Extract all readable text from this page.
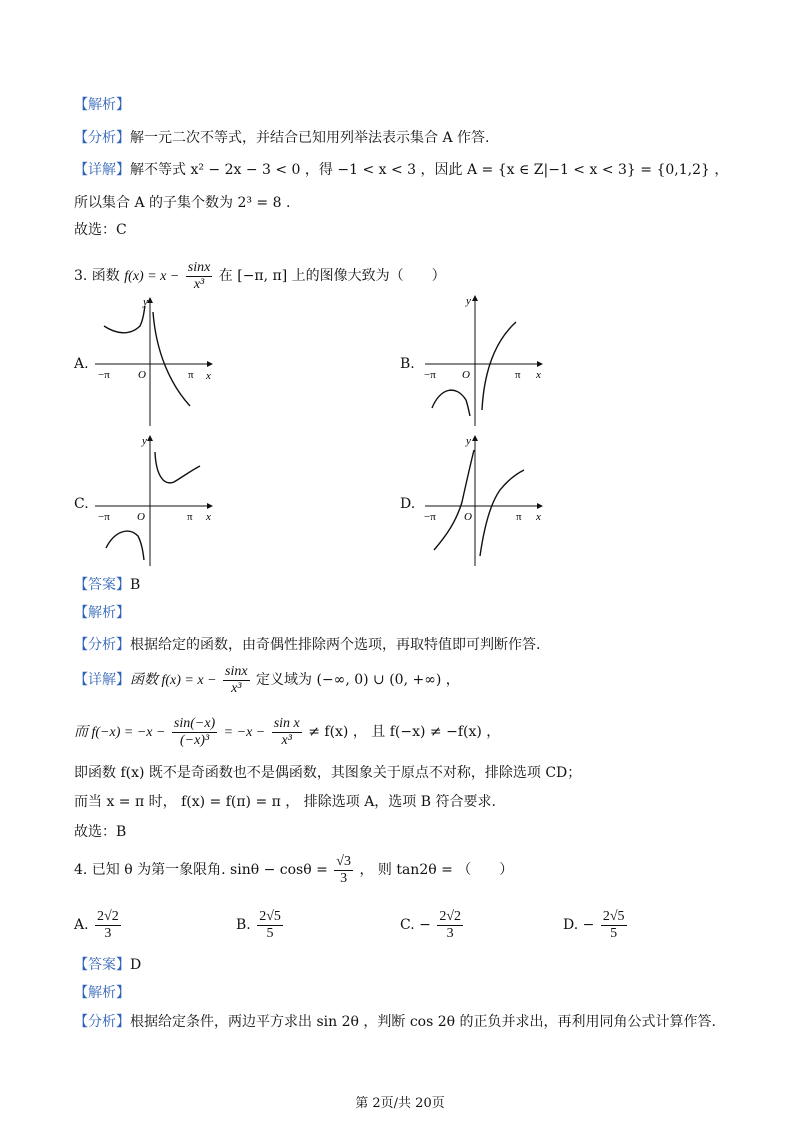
【解析】
【分析】解一元二次不等式，并结合已知用列举法表示集合 A 作答.
【详解】解不等式 x² − 2x − 3 < 0 ，得 −1 < x < 3 ，因此 A = {x ∈ Z|−1 < x < 3} = {0,1,2} ，
所以集合 A 的子集个数为 2³ = 8 .
故选：C
3. 函数 $f(x) = x - \frac{\sin x}{\text{x³}}$ 在 [−π, π] 上的图像大致为（　　）
A.	B.
C.	D.
y
x
O
−π	π
y
x
O
−π	π
y
x
O
−π	π
y
x
O
−π	π
【答案】B
【解析】
【分析】根据给定的函数，由奇偶性排除两个选项，再取特值即可判断作答.
【详解】函数 $f(x) = x - \frac{\sin x}{\text{x³}}$ 定义域为 (−∞, 0) ∪ (0, +∞) ，
而 $f(-x) = -x - \frac{\sin(-x)}{\text{(−x)³}} = -x - \frac{\text{sin x}}{\text{x³}} \ne f(x)$ ， 且 f(−x) ≠ −f(x) ，
即函数 f(x) 既不是奇函数也不是偶函数，其图象关于原点不对称，排除选项 CD；
而当 x = π 时， f(x) = f(π) = π ， 排除选项 A，选项 B 符合要求.
故选：B
4. 已知 θ 为第一象限角. $\sin\theta - \cos\theta = \frac{√3}{3}$ ， 则 tan2θ = （　　）
A. $\frac{2√2}{3}$	B. $\frac{2√5}{5}$	C. − $\frac{2√2}{3}$	D. − $\frac{2√5}{5}$
【答案】D
【解析】
【分析】根据给定条件，两边平方求出 sin 2θ ，判断 cos 2θ 的正负并求出，再利用同角公式计算作答.
第 2页/共 20页
